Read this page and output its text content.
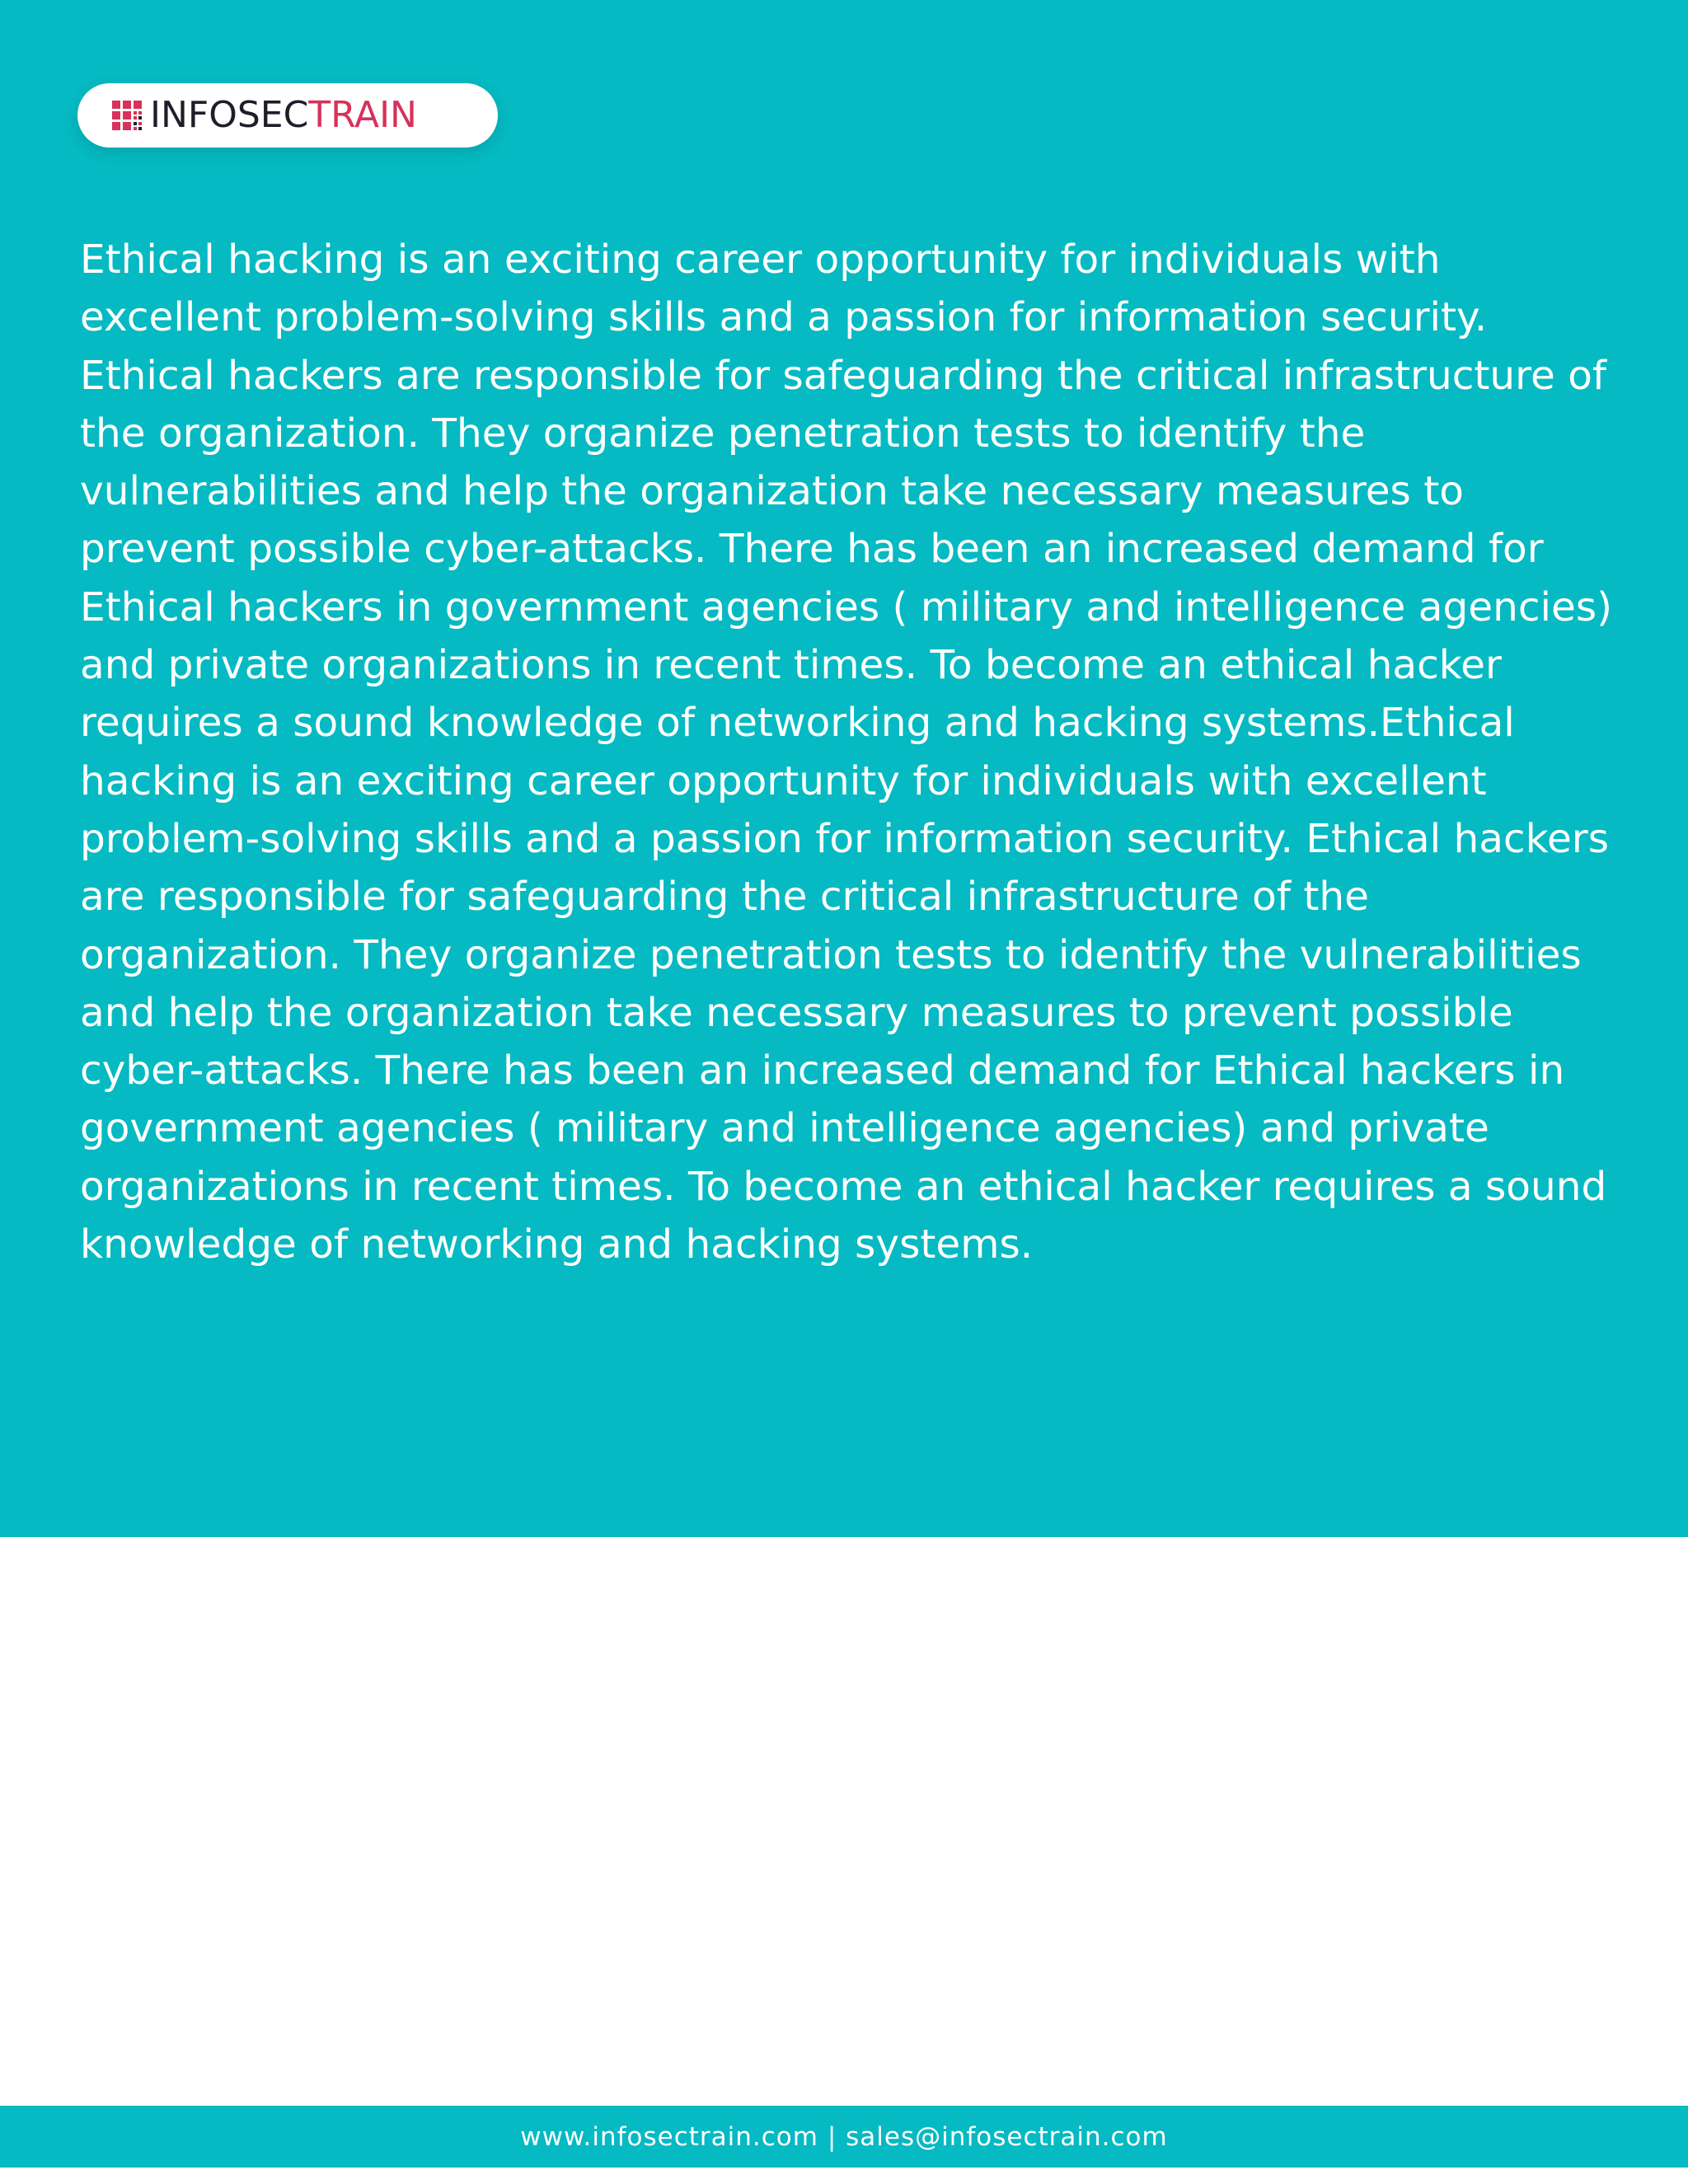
INFOSECTRAIN

Ethical hacking is an exciting career opportunity for individuals with excellent problem-solving skills and a passion for information security. Ethical hackers are responsible for safeguarding the critical infrastructure of the organization. They organize penetration tests to identify the vulnerabilities and help the organization take necessary measures to prevent possible cyber-attacks. There has been an increased demand for Ethical hackers in government agencies ( military and intelligence agencies) and private organizations in recent times. To become an ethical hacker requires a sound knowledge of networking and hacking systems.Ethical hacking is an exciting career opportunity for individuals with excellent problem-solving skills and a passion for information security. Ethical hackers are responsible for safeguarding the critical infrastructure of the organization. They organize penetration tests to identify the vulnerabilities and help the organization take necessary measures to prevent possible cyber-attacks. There has been an increased demand for Ethical hackers in government agencies ( military and intelligence agencies) and private organizations in recent times. To become an ethical hacker requires a sound knowledge of networking and hacking systems.

www.infosectrain.com | sales@infosectrain.com
